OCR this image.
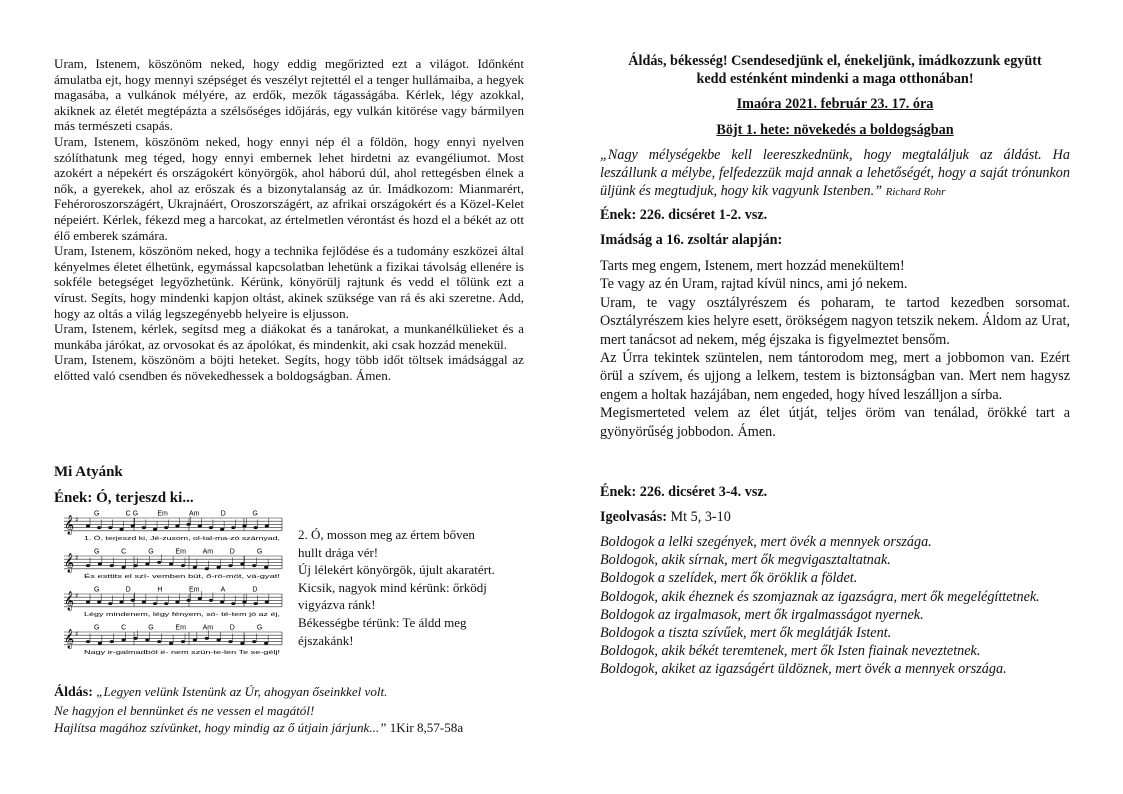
Uram, Istenem, köszönöm neked, hogy eddig megőrizted ezt a világot. Időnként ámulatba ejt, hogy mennyi szépséget és veszélyt rejtettél el a tenger hullámaiba, a hegyek magasába, a vulkánok mélyére, az erdők, mezők tágasságába. Kérlek, légy azokkal, akiknek az életét megtépázta a szélsőséges időjárás, egy vulkán kitörése vagy bármilyen más természeti csapás.

Uram, Istenem, köszönöm neked, hogy ennyi nép él a földön, hogy ennyi nyelven szólíthatunk meg téged, hogy ennyi embernek lehet hirdetni az evangéliumot. Most azokért a népekért és országokért könyörgök, ahol háború dúl, ahol rettegésben élnek a nők, a gyerekek, ahol az erőszak és a bizonytalanság az úr. Imádkozom: Mianmarért, Fehéroroszországért, Ukrajnáért, Oroszországért, az afrikai országokért és a Közel-Kelet népeiért. Kérlek, fékezd meg a harcokat, az értelmetlen vérontást és hozd el a békét az ott élő emberek számára.

Uram, Istenem, köszönöm neked, hogy a technika fejlődése és a tudomány eszközei által kényelmes életet élhetünk, egymással kapcsolatban lehetünk a fizikai távolság ellenére is sokféle betegséget legyőzhetünk. Kérünk, könyörülj rajtunk és vedd el tőlünk ezt a vírust. Segíts, hogy mindenki kapjon oltást, akinek szüksége van rá és aki szeretne. Add, hogy az oltás a világ legszegényebb helyeire is eljusson.

Uram, Istenem, kérlek, segítsd meg a diákokat és a tanárokat, a munkanélkülieket és a munkába járókat, az orvosokat és az ápolókat, és mindenkit, aki csak hozzád menekül.

Uram, Istenem, köszönöm a böjti heteket. Segíts, hogy több időt töltsek imádsággal az előtted való csendben és növekedhessek a boldogságban. Ámen.

Mi Atyánk

Ének: Ó, terjeszd ki...

𝄞 ♯
G	C G	Em	Am	D	G
1. Ó, terjeszd ki, Jé-zusom, ol-tal-ma-zó szárnyad,
𝄞 ♯
G	C	G	Em Am D	G
És esttits el szí- vemben bút, ő-rö-möt, vá-gyat!
𝄞 ♯
G	D	H	Em	A	D
Légy mindenem, légy fényem, só- té-tem jó az éj,
𝄞 ♯
G	C	G	Em Am D	G
Nagy ir-galmadból é- nem szün-te-len Te se-gélj!
2. Ó, mosson meg az értem bőven
hullt drága vér!
Új lélekért könyörgök, újult akaratért.
Kicsik, nagyok mind kérünk: őrködj
vigyázva ránk!
Békességbe térünk: Te áldd meg
éjszakánk!
Áldás: „Legyen velünk Istenünk az Úr, ahogyan őseinkkel volt.
Ne hagyjon el bennünket és ne vessen el magától!
Hajlítsa magához szívünket, hogy mindig az ő útjain járjunk...” 1Kir 8,57-58a
Áldás, békesség! Csendesedjünk el, énekeljünk, imádkozzunk együtt
kedd esténként mindenki a maga otthonában!
Imaóra 2021. február 23. 17. óra
Böjt 1. hete: növekedés a boldogságban
„Nagy mélységekbe kell leereszkednünk, hogy megtaláljuk az áldást. Ha leszállunk a mélybe, felfedezzük majd annak a lehetőségét, hogy a saját trónunkon üljünk és megtudjuk, hogy kik vagyunk Istenben.” Richard Rohr
Ének: 226. dicséret 1-2. vsz.
Imádság a 16. zsoltár alapján:

Tarts meg engem, Istenem, mert hozzád menekültem!

Te vagy az én Uram, rajtad kívül nincs, ami jó nekem.

Uram, te vagy osztályrészem és poharam, te tartod kezedben sorsomat. Osztályrészem kies helyre esett, örökségem nagyon tetszik nekem. Áldom az Urat, mert tanácsot ad nekem, még éjszaka is figyelmeztet bensőm.

Az Úrra tekintek szüntelen, nem tántorodom meg, mert a jobbomon van. Ezért örül a szívem, és ujjong a lelkem, testem is biztonságban van. Mert nem hagysz engem a holtak hazájában, nem engeded, hogy híved leszálljon a sírba.

Megismerteted velem az élet útját, teljes öröm van tenálad, örökké tart a gyönyörűség jobbodon. Ámen.

Ének: 226. dicséret 3-4. vsz.
Igeolvasás: Mt 5, 3-10

Boldogok a lelki szegények, mert övék a mennyek országa.

Boldogok, akik sírnak, mert ők megvigasztaltatnak.

Boldogok a szelídek, mert ők öröklik a földet.

Boldogok, akik éheznek és szomjaznak az igazságra, mert ők megelégíttetnek.

Boldogok az irgalmasok, mert ők irgalmasságot nyernek.

Boldogok a tiszta szívűek, mert ők meglátják Istent.

Boldogok, akik békét teremtenek, mert ők Isten fiainak neveztetnek.

Boldogok, akiket az igazságért üldöznek, mert övék a mennyek országa.
